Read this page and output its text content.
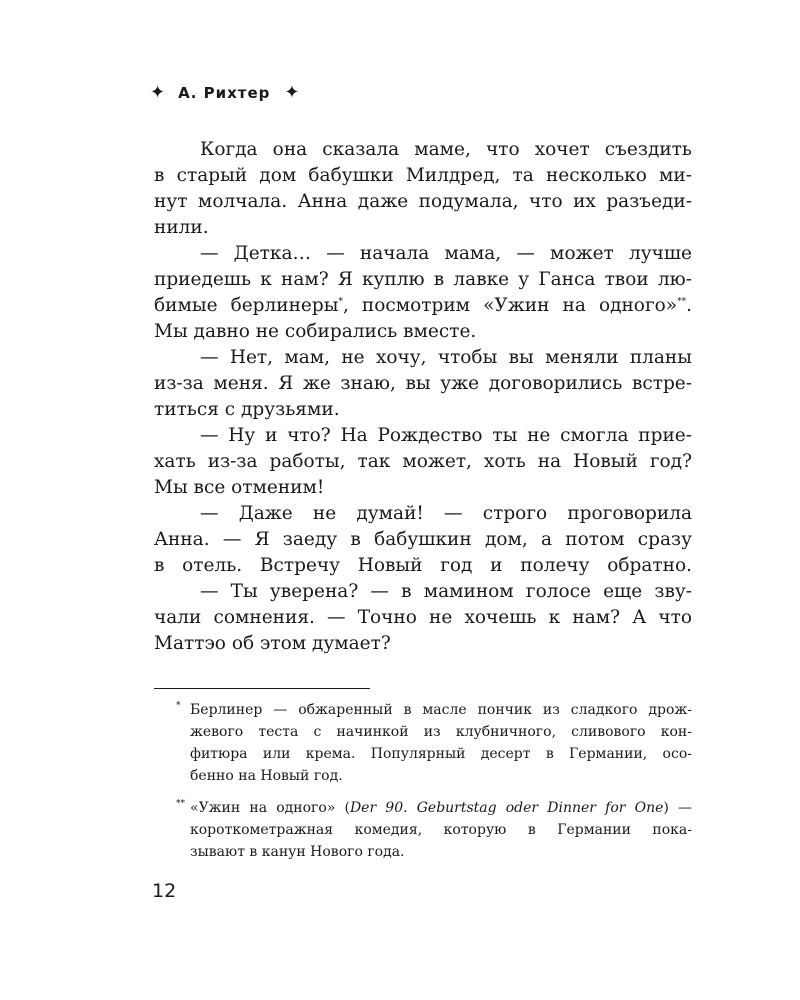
✦ А. Рихтер ✦
Когда она сказала маме, что хочет съездить
в старый дом бабушки Милдред, та несколько ми-
нут молчала. Анна даже подумала, что их разъеди-
нили.
— Детка… — начала мама, — может лучше
приедешь к нам? Я куплю в лавке у Ганса твои лю-
бимые берлинеры*, посмотрим «Ужин на одного»**.
Мы давно не собирались вместе.
— Нет, мам, не хочу, чтобы вы меняли планы
из-за меня. Я же знаю, вы уже договорились встре-
титься с друзьями.
— Ну и что? На Рождество ты не смогла прие-
хать из-за работы, так может, хоть на Новый год?
Мы все отменим!
— Даже не думай! — строго проговорила
Анна. — Я заеду в бабушкин дом, а потом сразу
в отель. Встречу Новый год и полечу обратно.
— Ты уверена? — в мамином голосе еще зву-
чали сомнения. — Точно не хочешь к нам? А что
Маттэо об этом думает?
* Берлинер — обжаренный в масле пончик из сладкого дрож-
жевого теста с начинкой из клубничного, сливового кон-
фитюра или крема. Популярный десерт в Германии, осо-
бенно на Новый год.
** «Ужин на одного» (Der 90. Geburtstag oder Dinner for One) —
короткометражная комедия, которую в Германии пока-
зывают в канун Нового года.
12
